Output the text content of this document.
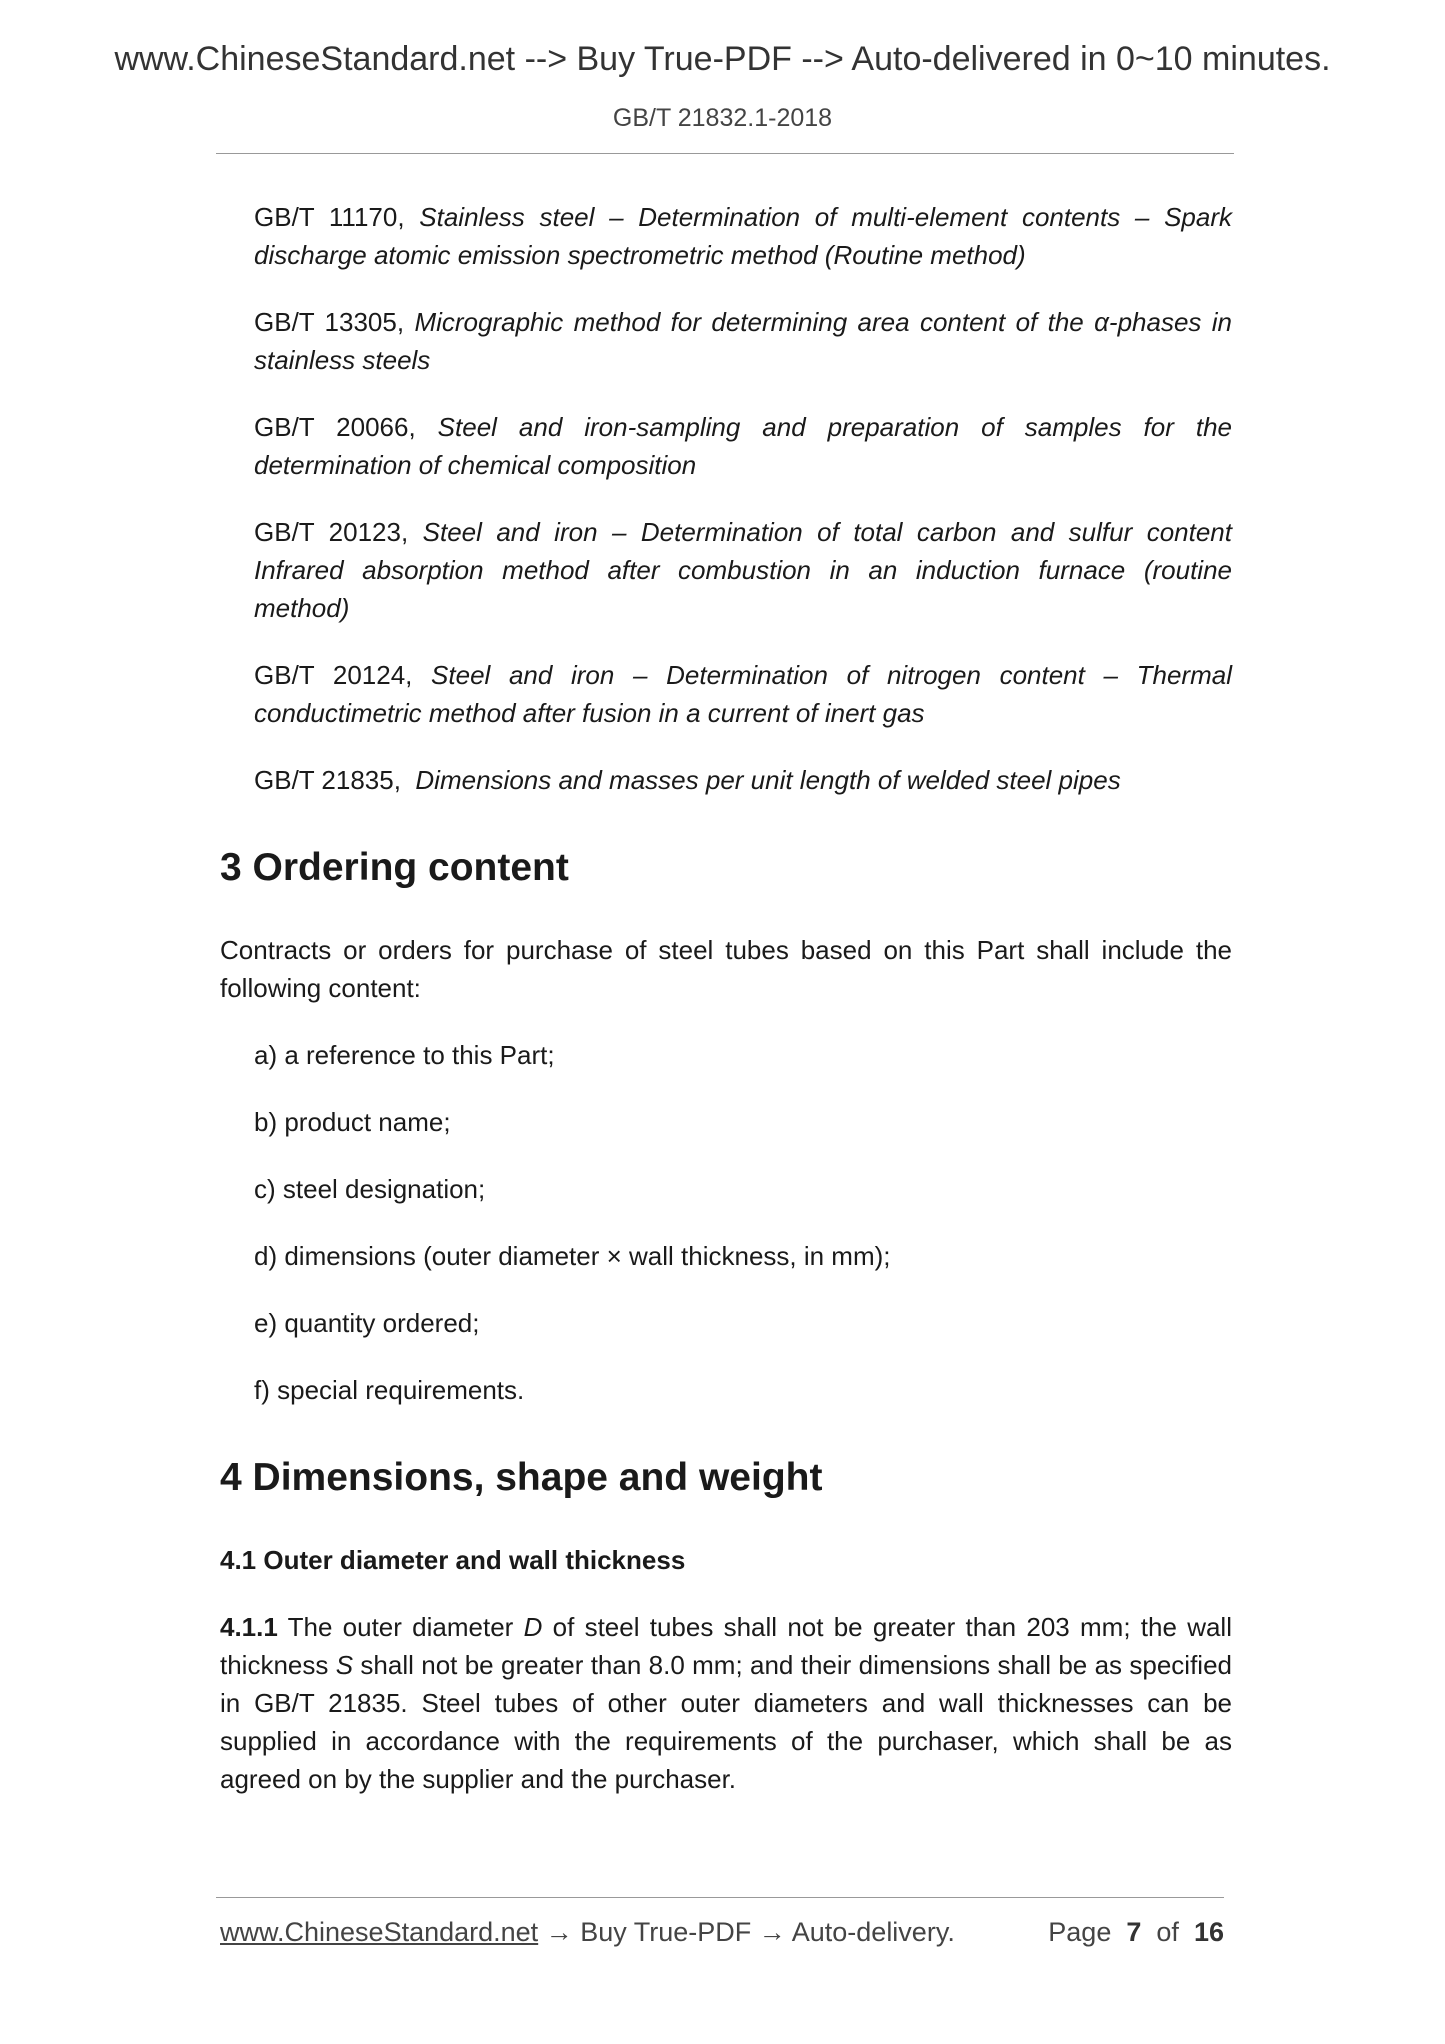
www.ChineseStandard.net --> Buy True-PDF --> Auto-delivered in 0~10 minutes.
GB/T 21832.1-2018

GB/T 11170, Stainless steel – Determination of multi-element contents – Spark discharge atomic emission spectrometric method (Routine method)

GB/T 13305, Micrographic method for determining area content of the α-phases in stainless steels

GB/T 20066, Steel and iron-sampling and preparation of samples for the determination of chemical composition

GB/T 20123, Steel and iron – Determination of total carbon and sulfur content Infrared absorption method after combustion in an induction furnace (routine method)

GB/T 20124, Steel and iron – Determination of nitrogen content – Thermal conductimetric method after fusion in a current of inert gas

GB/T 21835, Dimensions and masses per unit length of welded steel pipes

3 Ordering content

Contracts or orders for purchase of steel tubes based on this Part shall include the following content:

a) a reference to this Part;
b) product name;
c) steel designation;
d) dimensions (outer diameter × wall thickness, in mm);
e) quantity ordered;
f) special requirements.
4 Dimensions, shape and weight
4.1 Outer diameter and wall thickness

4.1.1 The outer diameter D of steel tubes shall not be greater than 203 mm; the wall thickness S shall not be greater than 8.0 mm; and their dimensions shall be as specified in GB/T 21835. Steel tubes of other outer diameters and wall thicknesses can be supplied in accordance with the requirements of the purchaser, which shall be as agreed on by the supplier and the purchaser.

www.ChineseStandard.net → Buy True-PDF → Auto-delivery.	Page 7 of 16
